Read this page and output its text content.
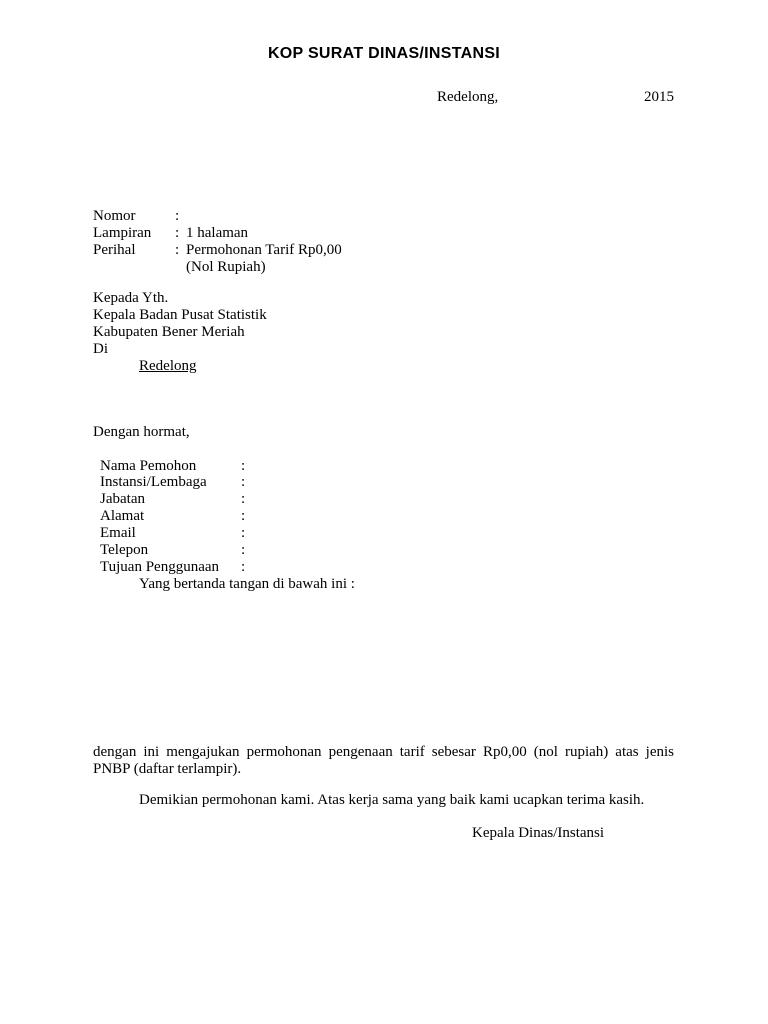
KOP SURAT DINAS/INSTANSI
Redelong,	2015
Nomor	:
Lampiran : 1 halaman
Perihal	: Permohonan Tarif Rp0,00
(Nol Rupiah)
Kepada Yth.
Kepala Badan Pusat Statistik
Kabupaten Bener Meriah
Di
Redelong
Dengan hormat,
Nama Pemohon	:
Instansi/Lembaga :
Jabatan	:
Alamat	:
Email	:
Telepon	:
Tujuan Penggunaan :
Yang bertanda tangan di bawah ini :
dengan ini mengajukan permohonan pengenaan tarif sebesar Rp0,00 (nol rupiah) atas jenis PNBP (daftar terlampir).
Demikian permohonan kami. Atas kerja sama yang baik kami ucapkan terima kasih.
Kepala Dinas/Instansi
